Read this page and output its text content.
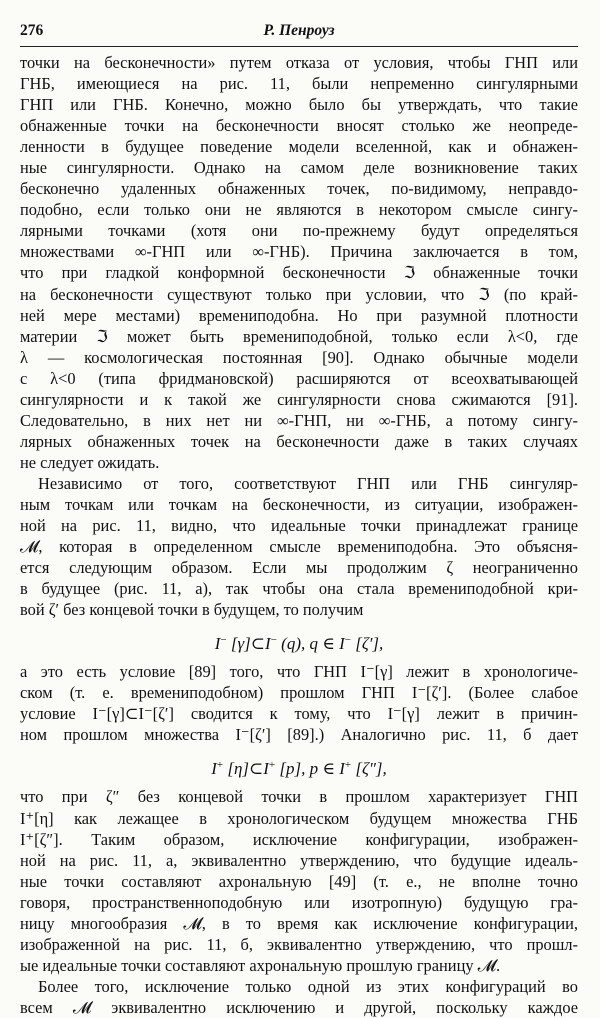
276	Р. Пенроуз
точки на бесконечности» путем отказа от условия, чтобы ГНП или
ГНБ, имеющиеся на рис. 11, были непременно сингулярными
ГНП или ГНБ. Конечно, можно было бы утверждать, что такие
обнаженные точки на бесконечности вносят столько же неопреде-
ленности в будущее поведение модели вселенной, как и обнажен-
ные сингулярности. Однако на самом деле возникновение таких
бесконечно удаленных обнаженных точек, по-видимому, неправдо-
подобно, если только они не являются в некотором смысле сингу-
лярными точками (хотя они по-прежнему будут определяться
множествами ∞-ГНП или ∞-ГНБ). Причина заключается в том,
что при гладкой конформной бесконечности ℑ обнаженные точки
на бесконечности существуют только при условии, что ℑ (по край-
ней мере местами) времениподобна. Но при разумной плотности
материи ℑ может быть времениподобной, только если λ<0, где
λ — космологическая постоянная [90]. Однако обычные модели
с λ<0 (типа фридмановской) расширяются от всеохватывающей
сингулярности и к такой же сингулярности снова сжимаются [91].
Следовательно, в них нет ни ∞-ГНП, ни ∞-ГНБ, а потому сингу-
лярных обнаженных точек на бесконечности даже в таких случаях
не следует ожидать.
Независимо от того, соответствуют ГНП или ГНБ сингуляр-
ным точкам или точкам на бесконечности, из ситуации, изображен-
ной на рис. 11, видно, что идеальные точки принадлежат границе
𝓜, которая в определенном смысле времениподобна. Это объясня-
ется следующим образом. Если мы продолжим ζ неограниченно
в будущее (рис. 11, а), так чтобы она стала времениподобной кри-
вой ζ′ без концевой точки в будущем, то получим
I− [γ]⊂I− (q), q ∈ I− [ζ′],
а это есть условие [89] того, что ГНП I⁻[γ] лежит в хронологиче-
ском (т. е. времениподобном) прошлом ГНП I⁻[ζ′]. (Более слабое
условие I⁻[γ]⊂I⁻[ζ′] сводится к тому, что I⁻[γ] лежит в причин-
ном прошлом множества I⁻[ζ′] [89].) Аналогично рис. 11, б дает
I+ [η]⊂I+ [p], p ∈ I+ [ζ″],
что при ζ″ без концевой точки в прошлом характеризует ГНП
I⁺[η] как лежащее в хронологическом будущем множества ГНБ
I⁺[ζ″]. Таким образом, исключение конфигурации, изображен-
ной на рис. 11, а, эквивалентно утверждению, что будущие идеаль-
ные точки составляют ахрональную [49] (т. е., не вполне точно
говоря, пространственноподобную или изотропную) будущую гра-
ницу многообразия 𝓜, в то время как исключение конфигурации,
изображенной на рис. 11, б, эквивалентно утверждению, что прошл-
ые идеальные точки составляют ахрональную прошлую границу 𝓜.
Более того, исключение только одной из этих конфигураций во
всем 𝓜 эквивалентно исключению и другой, поскольку каждое
